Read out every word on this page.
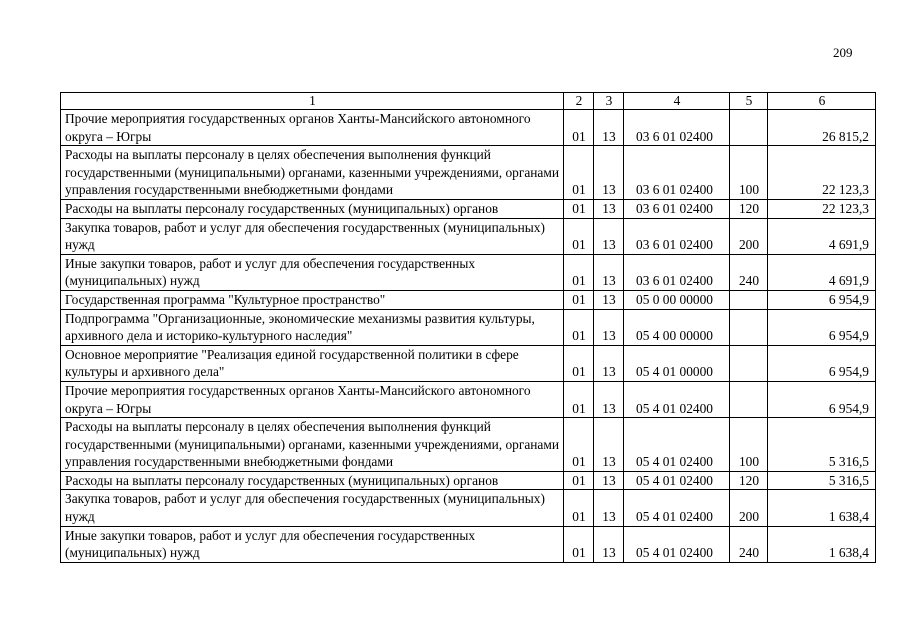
209
1	2	3	4	5	6
Прочие мероприятия государственных органов Ханты-Мансийского автономного округа – Югры	01	13	03 6 01 02400		26 815,2
Расходы на выплаты персоналу в целях обеспечения выполнения функций государственными (муниципальными) органами, казенными учреждениями, органами управления государственными внебюджетными фондами	01	13	03 6 01 02400	100	22 123,3
Расходы на выплаты персоналу государственных (муниципальных) органов	01	13	03 6 01 02400	120	22 123,3
Закупка товаров, работ и услуг для обеспечения государственных (муниципальных) нужд	01	13	03 6 01 02400	200	4 691,9
Иные закупки товаров, работ и услуг для обеспечения государственных (муниципальных) нужд	01	13	03 6 01 02400	240	4 691,9
Государственная программа "Культурное пространство"	01	13	05 0 00 00000		6 954,9
Подпрограмма "Организационные, экономические механизмы развития культуры, архивного дела и историко-культурного наследия"	01	13	05 4 00 00000		6 954,9
Основное мероприятие "Реализация единой государственной политики в сфере культуры и архивного дела"	01	13	05 4 01 00000		6 954,9
Прочие мероприятия государственных органов Ханты-Мансийского автономного округа – Югры	01	13	05 4 01 02400		6 954,9
Расходы на выплаты персоналу в целях обеспечения выполнения функций государственными (муниципальными) органами, казенными учреждениями, органами управления государственными внебюджетными фондами	01	13	05 4 01 02400	100	5 316,5
Расходы на выплаты персоналу государственных (муниципальных) органов	01	13	05 4 01 02400	120	5 316,5
Закупка товаров, работ и услуг для обеспечения государственных (муниципальных) нужд	01	13	05 4 01 02400	200	1 638,4
Иные закупки товаров, работ и услуг для обеспечения государственных (муниципальных) нужд	01	13	05 4 01 02400	240	1 638,4
